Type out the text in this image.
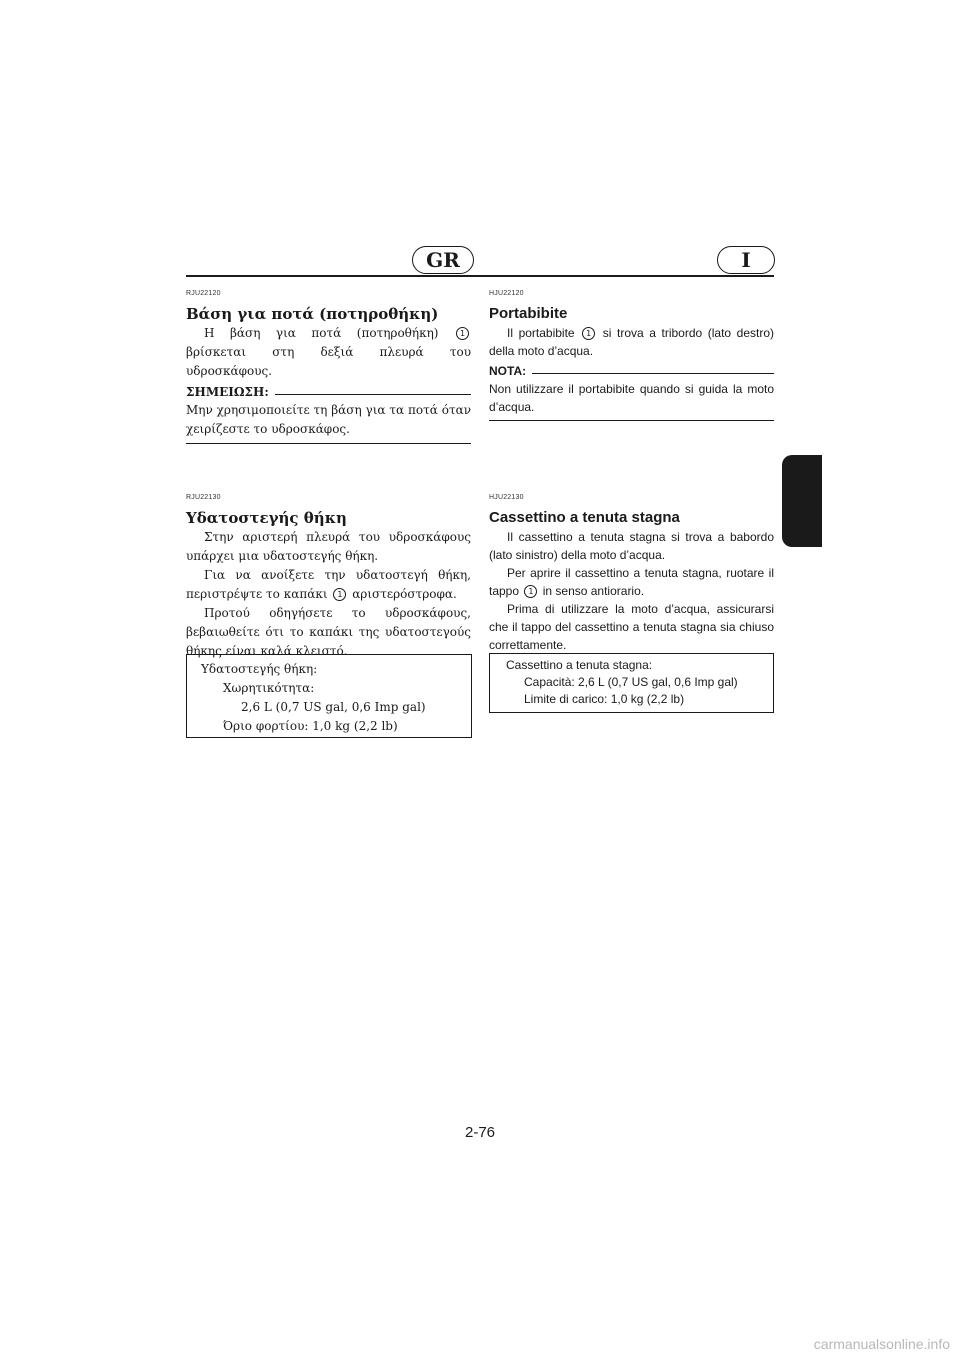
GR	I
RJU22120
Βάση για ποτά (ποτηροθήκη)

Η βάση για ποτά (ποτηροθήκη)	1 βρίσκεται στη δεξιά πλευρά του υδροσκάφους.

ΣΗΜΕΙΩΣΗ:

Μην χρησιμοποιείτε τη βάση για τα ποτά όταν χειρίζεστε το υδροσκάφος.

HJU22120
Portabibite

Il portabibite 1 si trova a tribordo (lato destro) della moto d’acqua.

NOTA:

Non utilizzare il portabibite quando si guida la moto d’acqua.

RJU22130
Υδατοστεγής θήκη

Στην αριστερή πλευρά του υδροσκάφους υπάρχει μια υδατοστεγής θήκη.

Για να ανοίξετε την υδατοστεγή θήκη, περιστρέψτε το καπάκι 1 αριστερόστροφα.

Προτού οδηγήσετε το υδροσκάφους, βεβαιωθείτε ότι το καπάκι της υδατοστεγούς θήκης είναι καλά κλειστό.

HJU22130
Cassettino a tenuta stagna

Il cassettino a tenuta stagna si trova a babordo (lato sinistro) della moto d’acqua.

Per aprire il cassettino a tenuta stagna, ruotare il tappo 1 in senso antiorario.

Prima di utilizzare la moto d’acqua, assicurarsi che il tappo del cassettino a tenuta stagna sia chiuso correttamente.

Υδατοστεγής θήκη:
Χωρητικότητα:
2,6 L (0,7 US gal, 0,6 Imp gal)
Όριο φορτίου: 1,0 kg (2,2 lb)
Cassettino a tenuta stagna:
Capacità: 2,6 L (0,7 US gal, 0,6 Imp gal)
Limite di carico: 1,0 kg (2,2 lb)
2-76
carmanualsonline.info
